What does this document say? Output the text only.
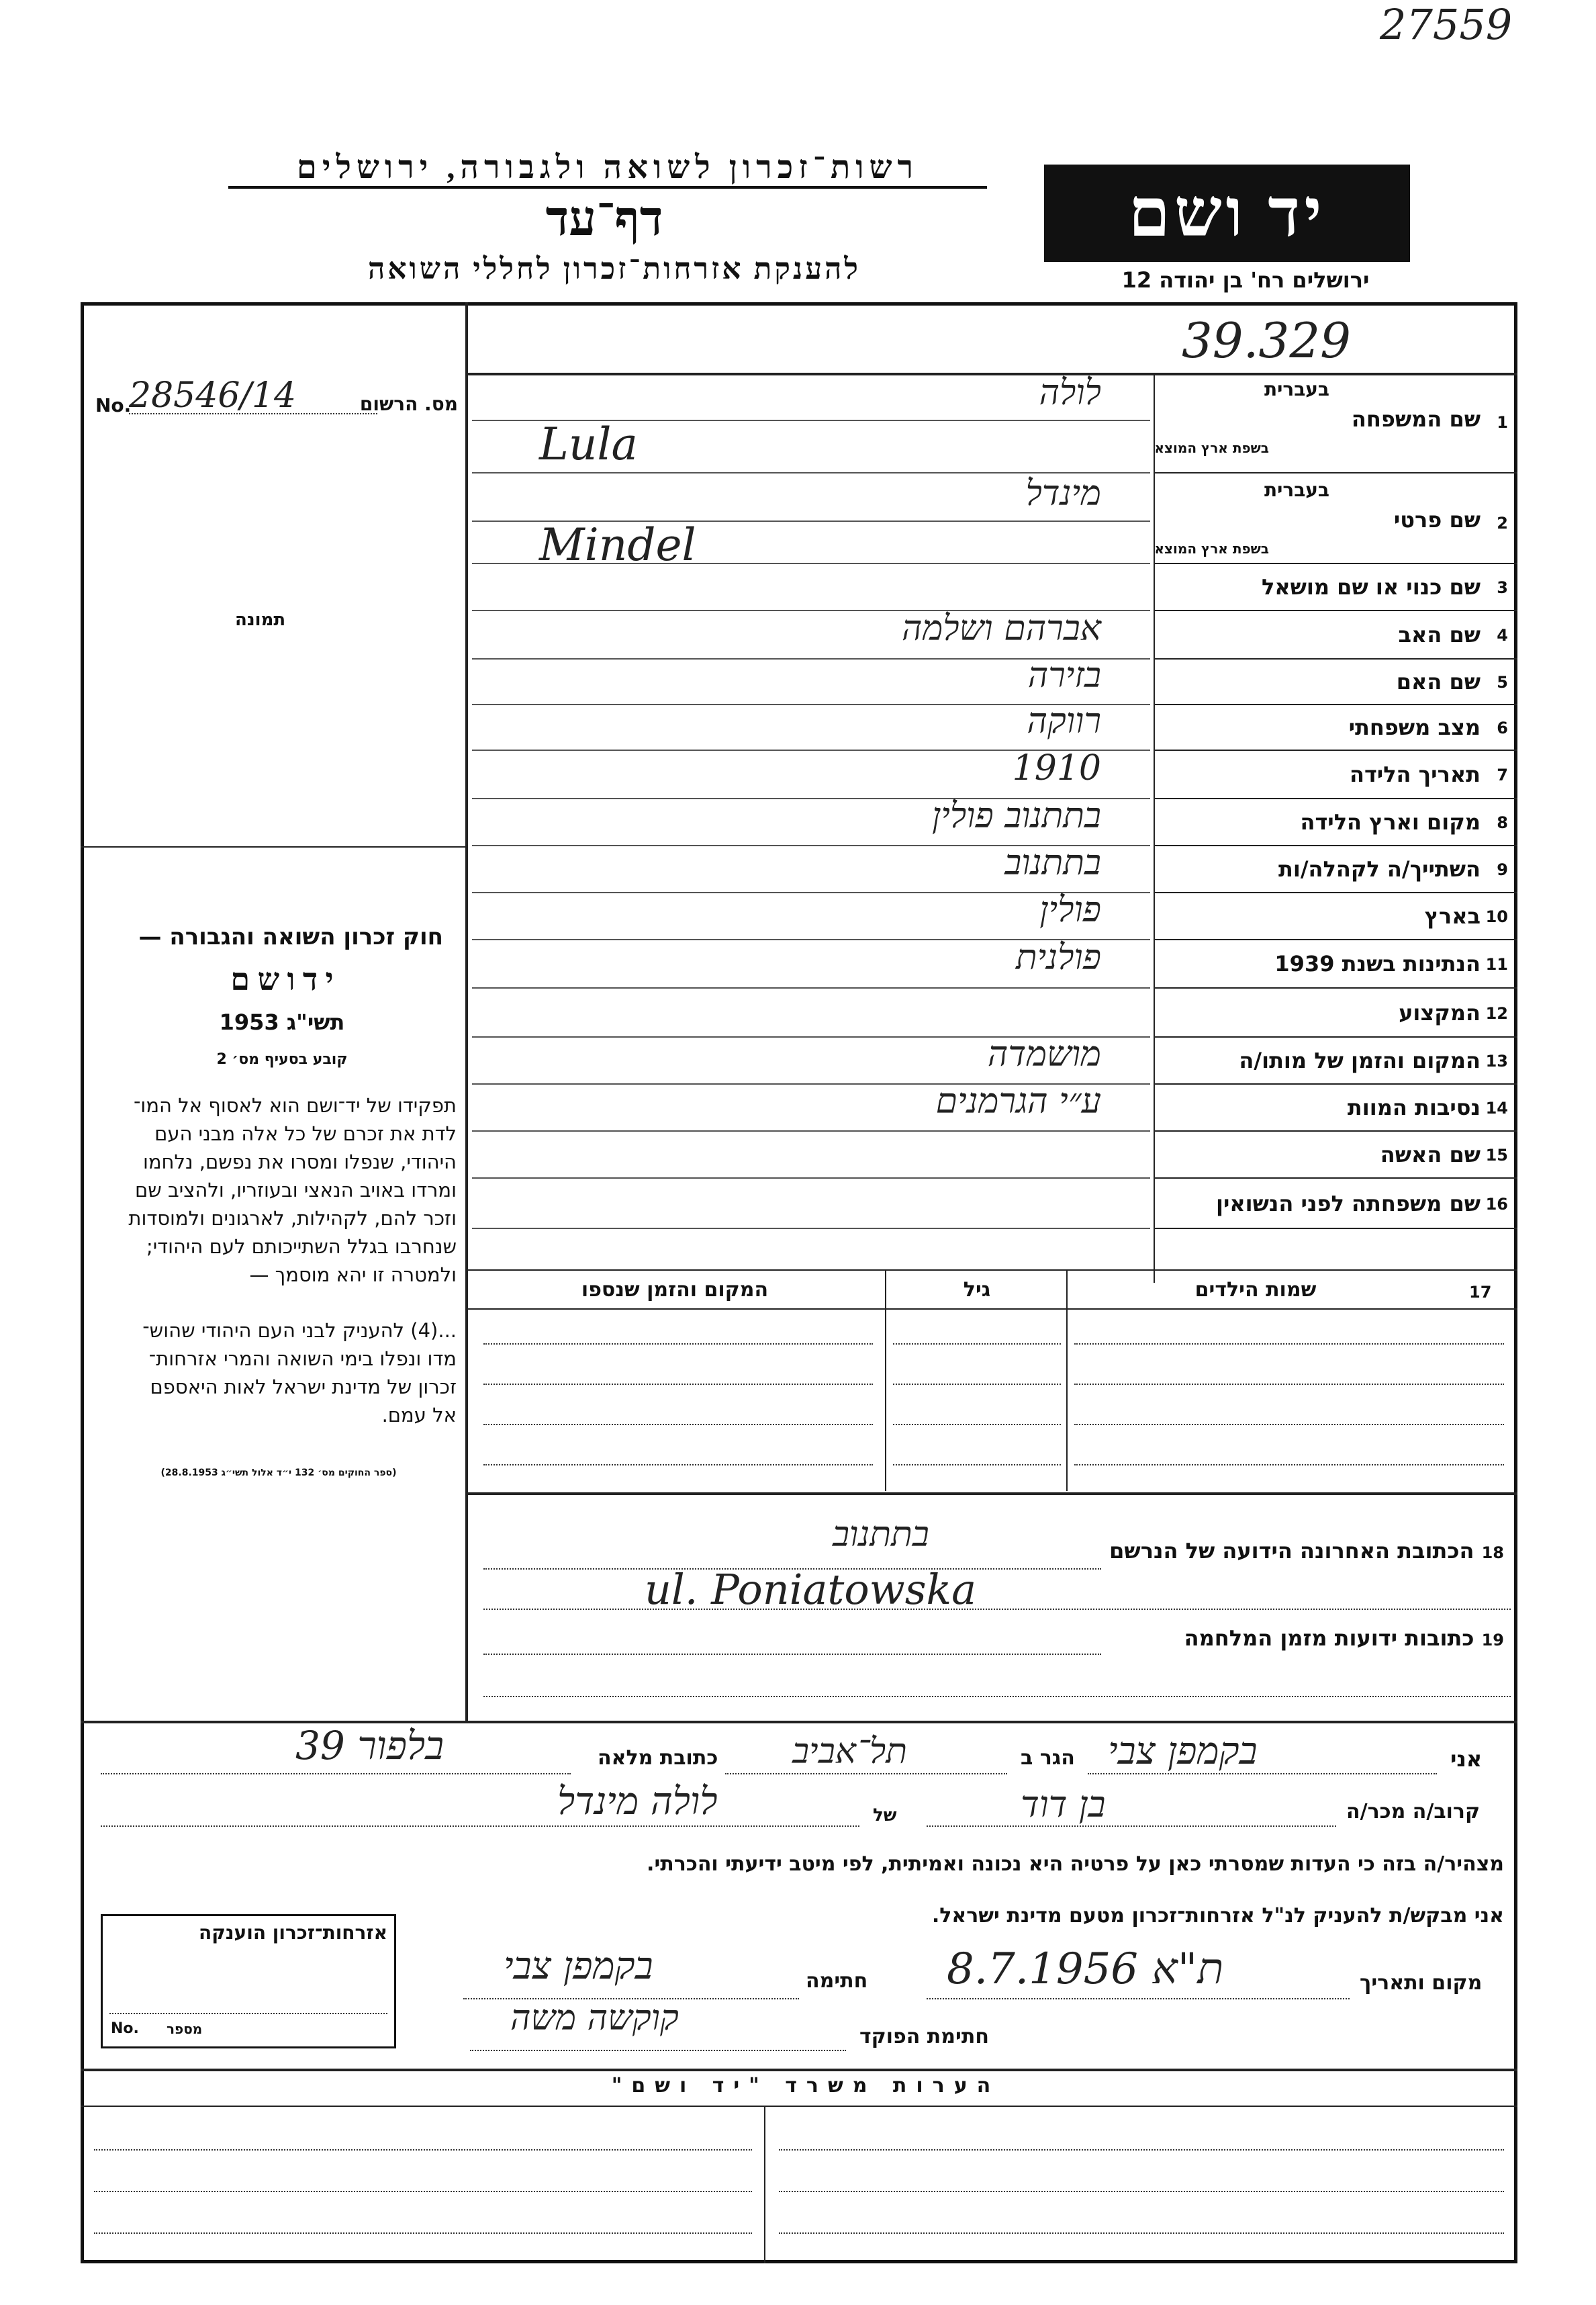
27559
רשות־זכרון לשואה ולגבורה, ירושלים
דף־עד
להענקת אזרחות־זכרון לחללי השואה
יד ושם
ירושלים רח' בן יהודה 12
39.329
No.
28546/14	מס. הרשום
תמונה
חוק זכרון השואה והגבורה —
י ד ו ש ם
תשי"ג 1953
קובע בסעיף מס׳ 2
תפקידו של יד־ושם הוא לאסוף אל המו־
לדת את זכרם של כל אלה מבני העם
היהודי, שנפלו ומסרו את נפשם, נלחמו
ומרדו באויב הנאצי ובעוזריו, ולהציב שם
וזכר להם, לקהילות, לארגונים ולמוסדות
שנחרבו בגלל השתייכותם לעם היהודי;
ולמטרה זו יהא מוסמך —
...(4) להעניק לבני העם היהודי שהוש־
מדו ונפלו בימי השואה והמרי אזרחות־
זכרון של מדינת ישראל לאות היאספם
אל עמם.
(ספר החוקים מס׳ 132 י״ד אלול תשי״ג 28.8.1953)
1
שם המשפחה
בעברית
בשפת ארץ המוצא
לולה
Lula
2
שם פרטי
בעברית
בשפת ארץ המוצא
מינדל
Mindel
3
שם כנוי או שם מושאל
4
שם האב
אברהם ושלמה
5
שם האם
בזירה
6
מצב משפחתי
רווקה
7
תאריך הלידה
1910
8
מקום וארץ הלידה
בתתנוב פולין
9
השתייך/ה לקהלה/ות
בתתנוב
10
בארץ
פולין
11
הנתינות בשנת 1939
פולנית
12
המקצוע
13
המקום והזמן של מותו/ה
מושמדה
14
נסיבות המוות
ע״י הגרמנים
15
שם האשה
16
שם משפחתה לפני הנשואין
17
שמות הילדים
גיל
המקום והזמן שנספו
18 הכתובת האחרונה הידועה של הנרשם
בתתנוב
ul. Poniatowska
19 כתובות ידועות מזמן המלחמה
אני
בקמפן צבי
הגר ב
תל־אביב
כתובת מלאה
בלפור 39
קרוב/ה מכר/ה
בן דוד
של
לולה מינדל
מצהיר/ה בזה כי העדות שמסרתי כאן על פרטיה היא נכונה ואמיתית, לפי מיטב ידיעתי והכרתי.
אני מבקש/ת להעניק לנ"ל אזרחות־זכרון מטעם מדינת ישראל.
מקום ותאריך
ת"א 8.7.1956
חתימה
בקמפן צבי
חתימת הפוקד
קוקשה משה
אזרחות־זכרון הוענקה
No. מספר
הערות משרד "יד ושם"
